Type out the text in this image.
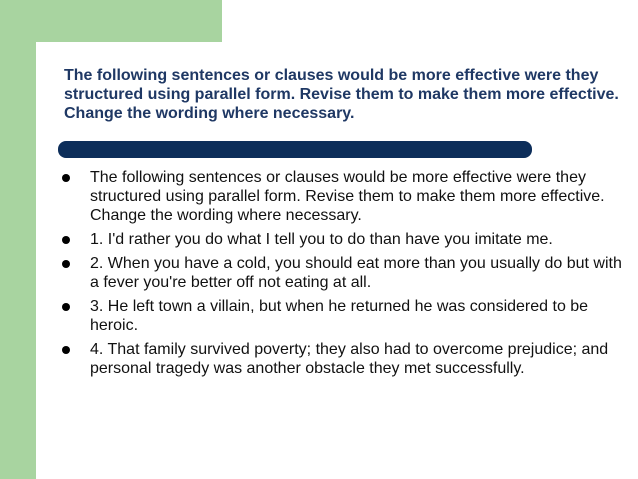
The following sentences or clauses would be more effective were they structured using parallel form. Revise them to make them more effective. Change the wording where necessary.
The following sentences or clauses would be more effective were they structured using parallel form. Revise them to make them more effective. Change the wording where necessary.
1. I'd rather you do what I tell you to do than have you imitate me.
2. When you have a cold, you should eat more than you usually do but with a fever you're better off not eating at all.
3. He left town a villain, but when he returned he was considered to be heroic.
4. That family survived poverty; they also had to overcome prejudice; and personal tragedy was another obstacle they met successfully.
